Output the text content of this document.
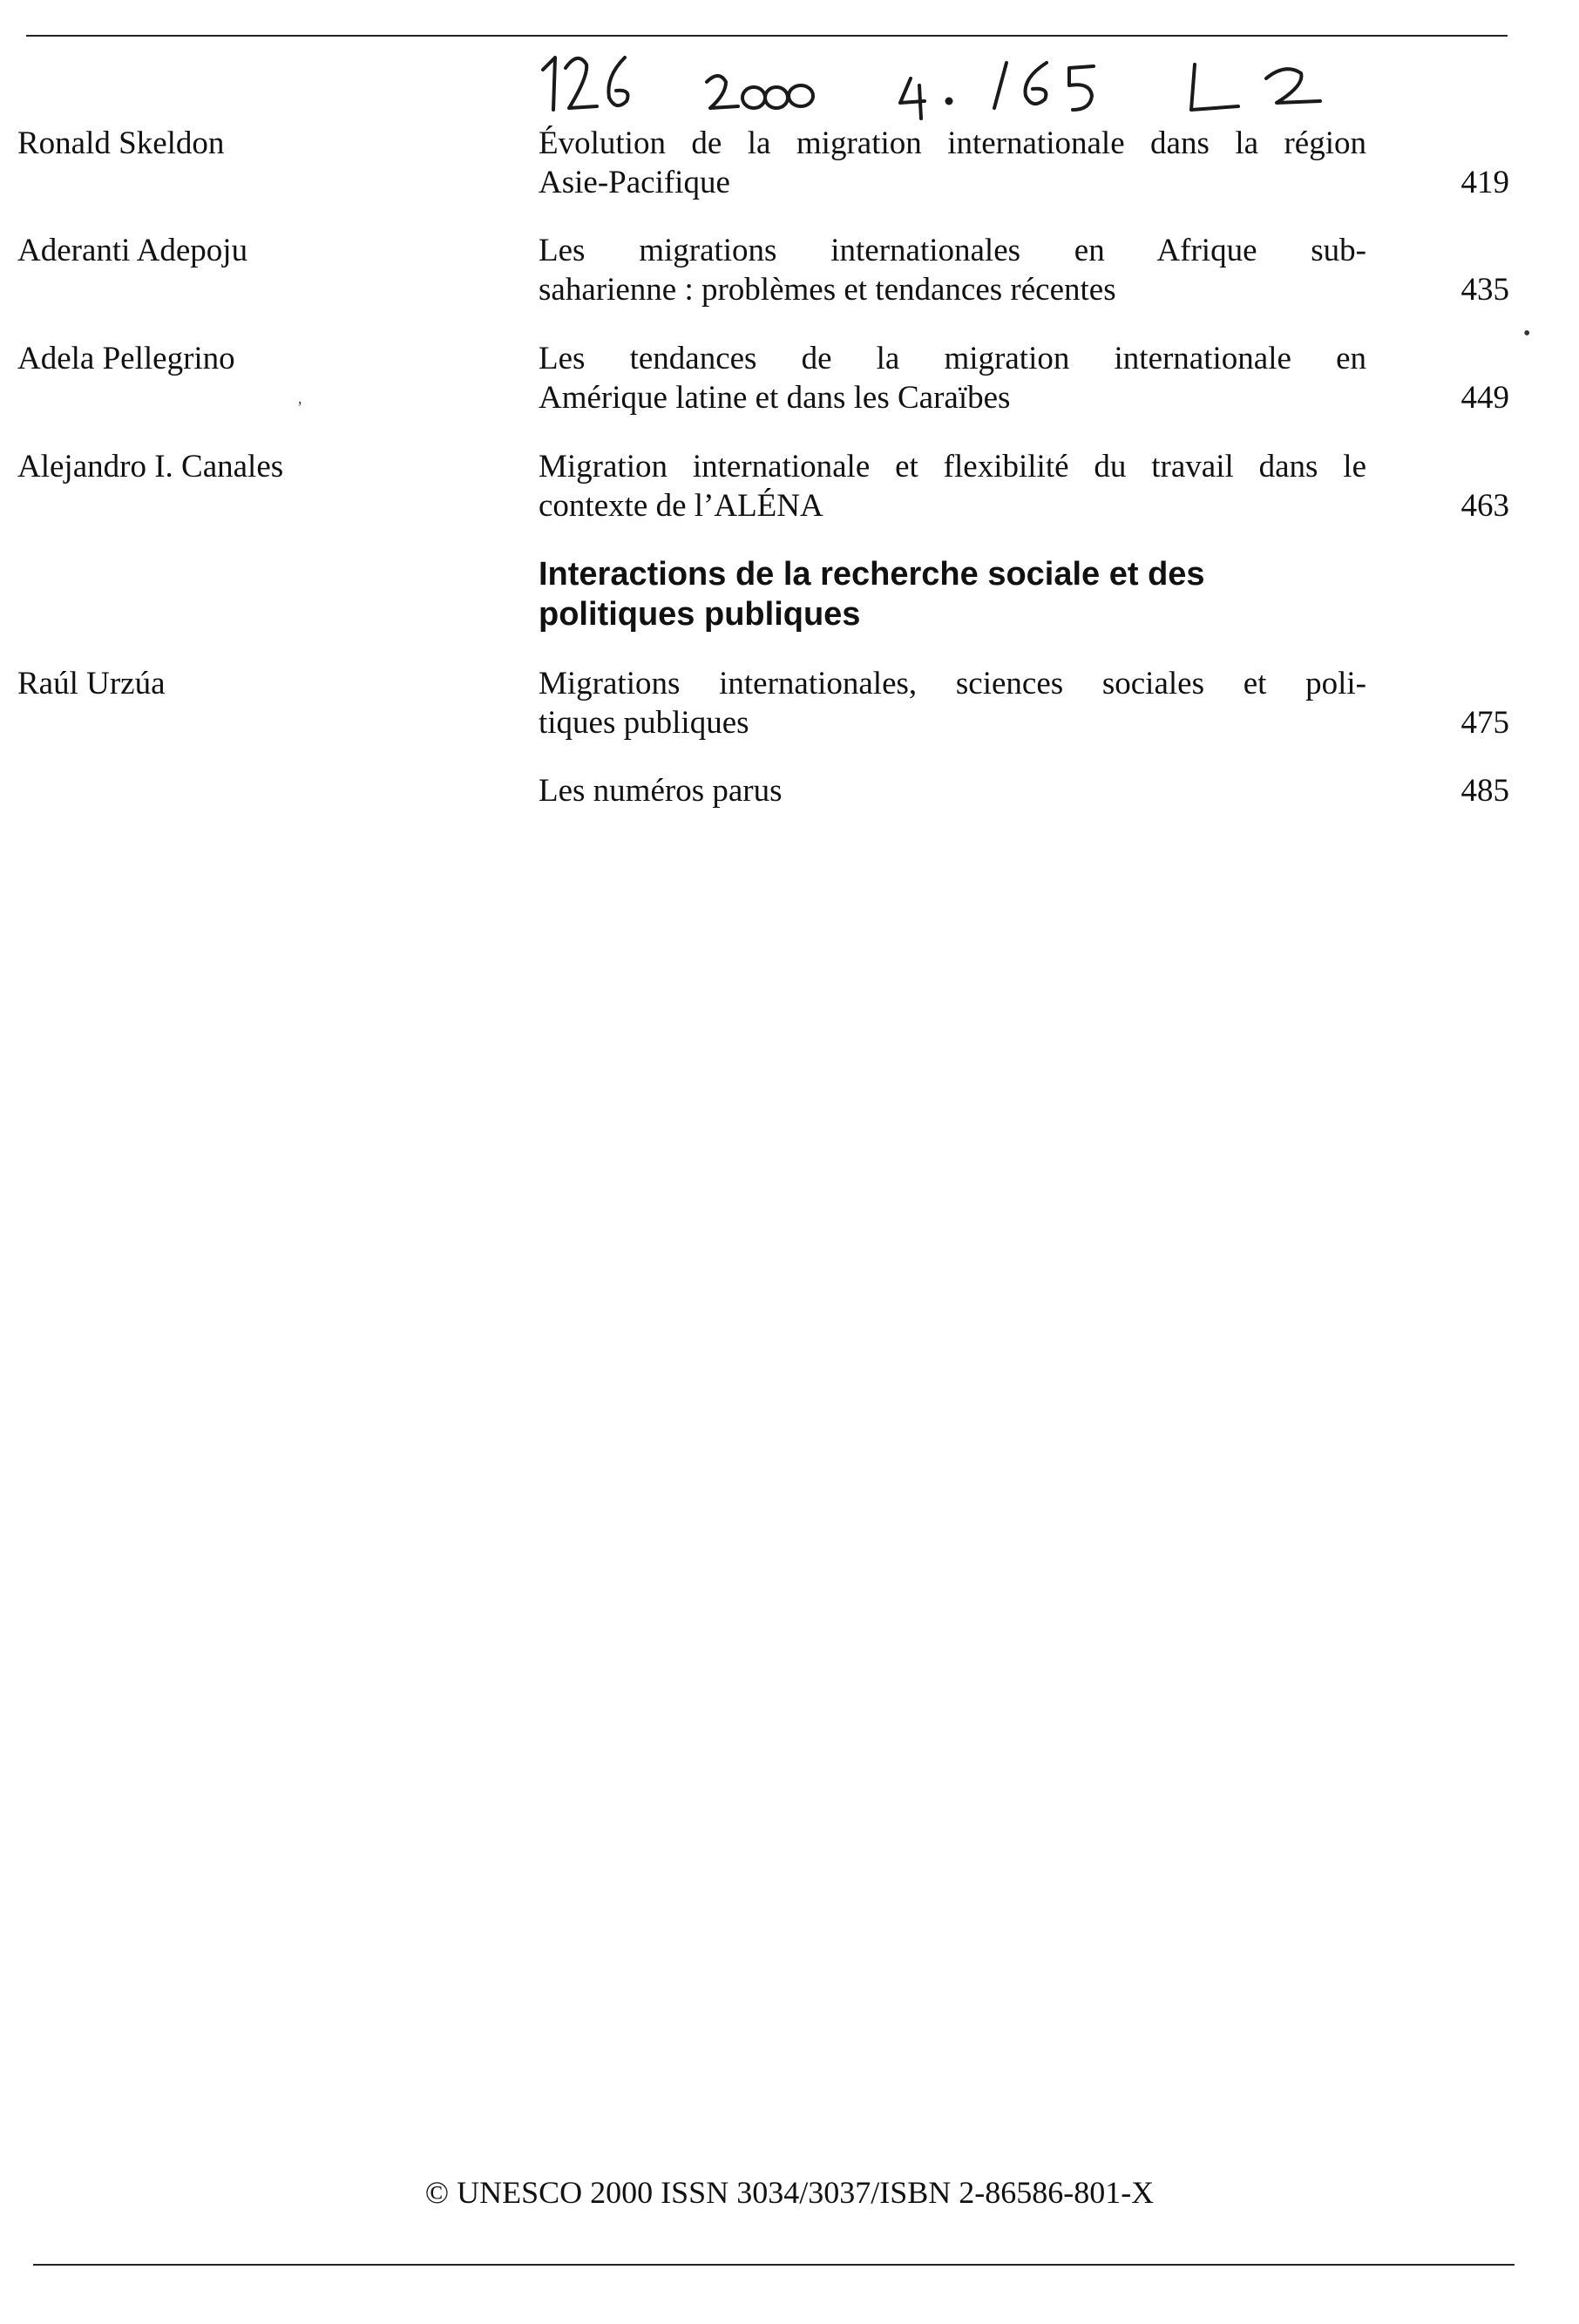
Ronald Skeldon	Évolution de la migration internationale dans la région
Asie-Pacifique	419
Aderanti Adepoju	Les migrations internationales en Afrique sub-
saharienne : problèmes et tendances récentes	435
Adela Pellegrino	Les tendances de la migration internationale en
Amérique latine et dans les Caraïbes	449
Alejandro I. Canales	Migration internationale et flexibilité du travail dans le
contexte de l’ALÉNA	463
Interactions de la recherche sociale et des
politiques publiques
Raúl Urzúa	Migrations internationales, sciences sociales et poli-
tiques publiques	475
Les numéros parus	485
•
,
© UNESCO 2000 ISSN 3034/3037/ISBN 2-86586-801-X
